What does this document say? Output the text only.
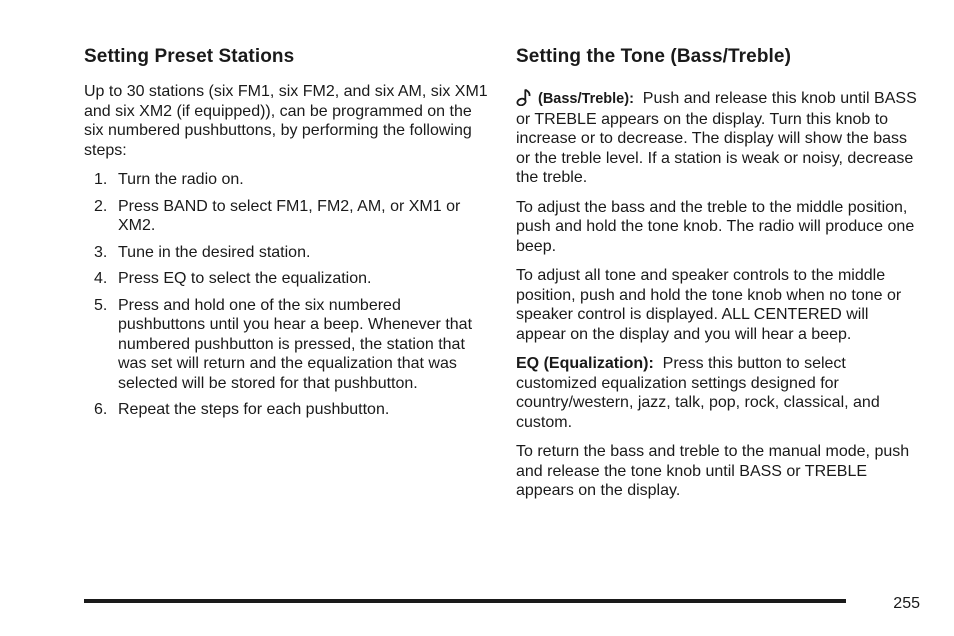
Setting Preset Stations

Up to 30 stations (six FM1, six FM2, and six AM, six XM1 and six XM2 (if equipped)), can be programmed on the six numbered pushbuttons, by performing the following steps:

1. Turn the radio on.
2. Press BAND to select FM1, FM2, AM, or XM1 or XM2.
3. Tune in the desired station.
4. Press EQ to select the equalization.
5. Press and hold one of the six numbered pushbuttons until you hear a beep. Whenever that numbered pushbutton is pressed, the station that was set will return and the equalization that was selected will be stored for that pushbutton.
6. Repeat the steps for each pushbutton.
Setting the Tone (Bass/Treble)

(Bass/Treble): Push and release this knob until BASS or TREBLE appears on the display. Turn this knob to increase or to decrease. The display will show the bass or the treble level. If a station is weak or noisy, decrease the treble.

To adjust the bass and the treble to the middle position, push and hold the tone knob. The radio will produce one beep.

To adjust all tone and speaker controls to the middle position, push and hold the tone knob when no tone or speaker control is displayed. ALL CENTERED will appear on the display and you will hear a beep.

EQ (Equalization): Press this button to select customized equalization settings designed for country/western, jazz, talk, pop, rock, classical, and custom.

To return the bass and treble to the manual mode, push and release the tone knob until BASS or TREBLE appears on the display.

255
